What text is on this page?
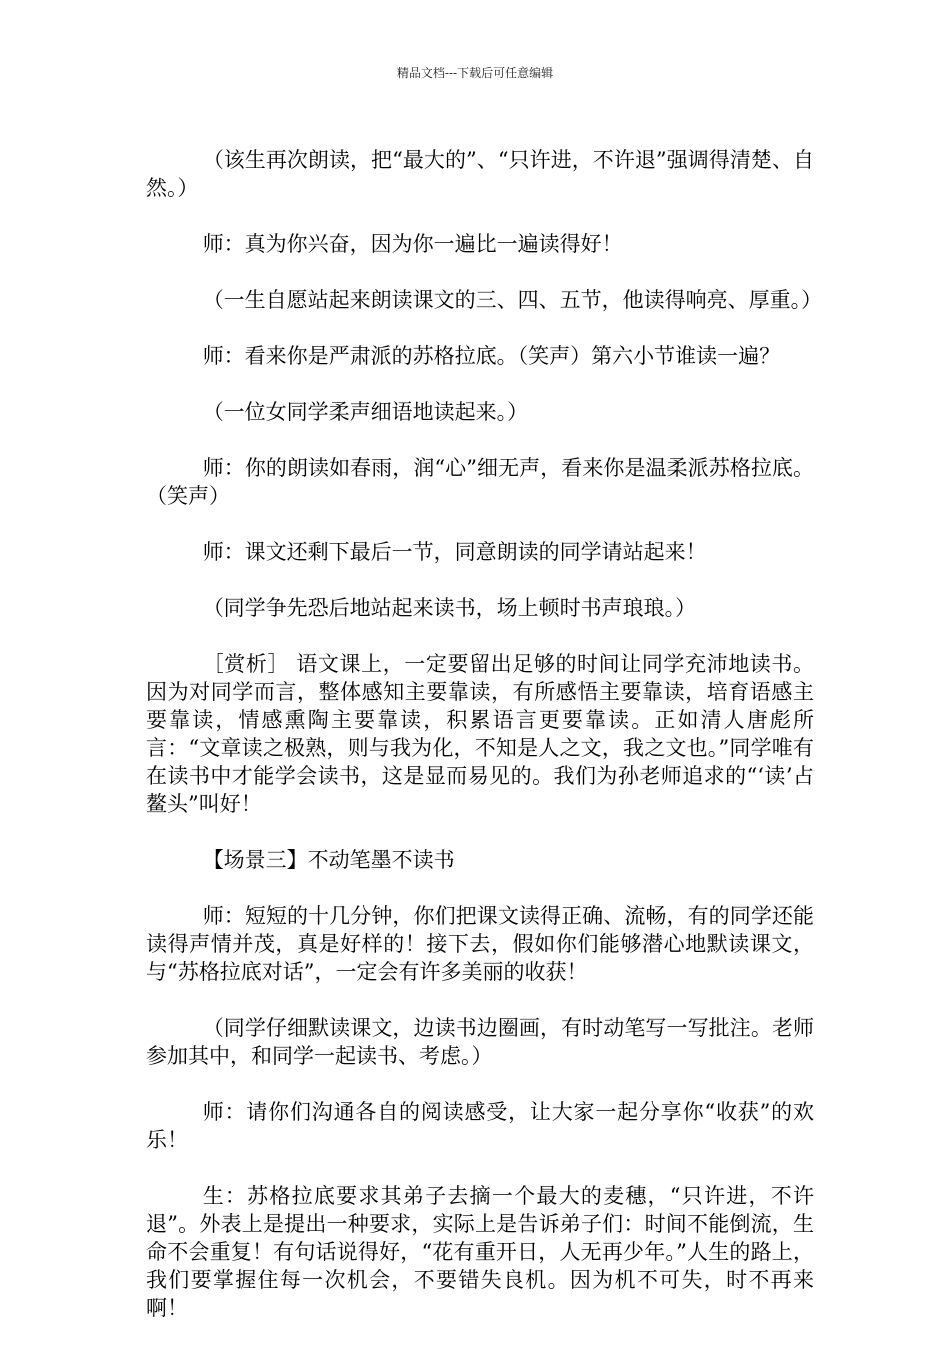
精品文档---下载后可任意编辑

（该生再次朗读，把“最大的”、“只许进，不许退”强调得清楚、自然。）

师：真为你兴奋，因为你一遍比一遍读得好！

（一生自愿站起来朗读课文的三、四、五节，他读得响亮、厚重。）

师：看来你是严肃派的苏格拉底。（笑声）第六小节谁读一遍？

（一位女同学柔声细语地读起来。）

师：你的朗读如春雨，润“心”细无声，看来你是温柔派苏格拉底。（笑声）

师：课文还剩下最后一节，同意朗读的同学请站起来！

（同学争先恐后地站起来读书，场上顿时书声琅琅。）

［赏析］ 语文课上，一定要留出足够的时间让同学充沛地读书。因为对同学而言，整体感知主要靠读，有所感悟主要靠读，培育语感主要靠读，情感熏陶主要靠读，积累语言更要靠读。正如清人唐彪所言：“文章读之极熟，则与我为化，不知是人之文，我之文也。”同学唯有在读书中才能学会读书，这是显而易见的。我们为孙老师追求的“‘读’占鳌头”叫好！

【场景三】不动笔墨不读书

师：短短的十几分钟，你们把课文读得正确、流畅，有的同学还能读得声情并茂，真是好样的！接下去，假如你们能够潜心地默读课文，与“苏格拉底对话”，一定会有许多美丽的收获！

（同学仔细默读课文，边读书边圈画，有时动笔写一写批注。老师参加其中，和同学一起读书、考虑。）

师：请你们沟通各自的阅读感受，让大家一起分享你“收获”的欢乐！

生：苏格拉底要求其弟子去摘一个最大的麦穗，“只许进，不许退”。外表上是提出一种要求，实际上是告诉弟子们：时间不能倒流，生命不会重复！有句话说得好，“花有重开日，人无再少年。”人生的路上，我们要掌握住每一次机会，不要错失良机。因为机不可失，时不再来啊！
